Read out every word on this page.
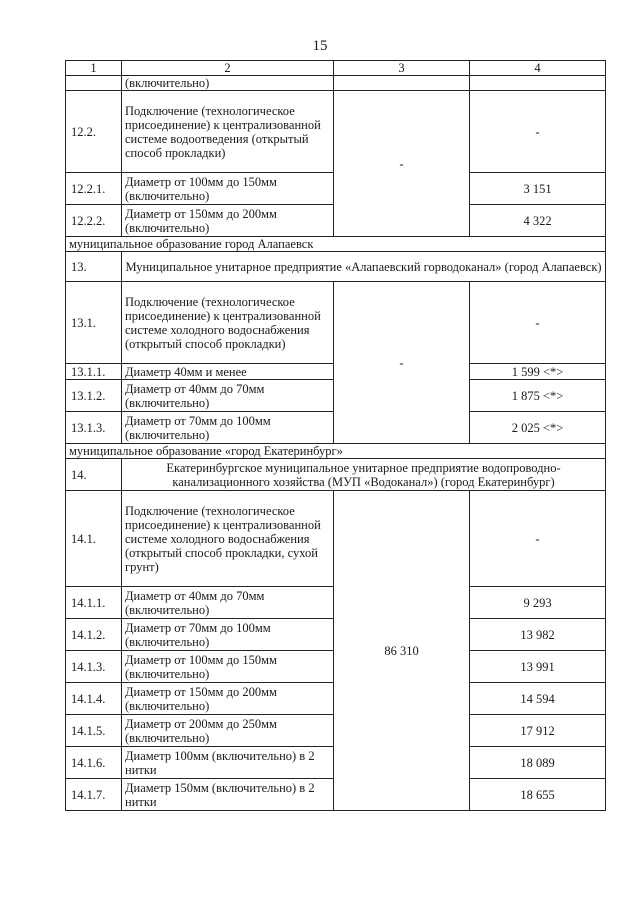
15
1	2	3	4
	(включительно)		
12.2.	Подключение (технологическое присоединение) к централизованной системе водоотведения (открытый способ прокладки)	-	-
12.2.1.	Диаметр от 100мм до 150мм (включительно)		3 151
12.2.2.	Диаметр от 150мм до 200мм (включительно)		4 322
муниципальное образование город Алапаевск			
13.	Муниципальное унитарное предприятие «Алапаевский горводоканал» (город Алапаевск)		
13.1.	Подключение (технологическое присоединение) к централизованной системе холодного водоснабжения (открытый способ прокладки)	-	-
13.1.1.	Диаметр 40мм и менее		1 599 <*>
13.1.2.	Диаметр от 40мм до 70мм (включительно)		1 875 <*>
13.1.3.	Диаметр от 70мм до 100мм (включительно)		2 025 <*>
муниципальное образование «город Екатеринбург»			
14.	Екатеринбургское муниципальное унитарное предприятие водопроводно-канализационного хозяйства (МУП «Водоканал») (город Екатеринбург)		
14.1.	Подключение (технологическое присоединение) к централизованной системе холодного водоснабжения (открытый способ прокладки, сухой грунт)	86 310	-
14.1.1.	Диаметр от 40мм до 70мм (включительно)		9 293
14.1.2.	Диаметр от 70мм до 100мм (включительно)		13 982
14.1.3.	Диаметр от 100мм до 150мм (включительно)		13 991
14.1.4.	Диаметр от 150мм до 200мм (включительно)		14 594
14.1.5.	Диаметр от 200мм до 250мм (включительно)		17 912
14.1.6.	Диаметр 100мм (включительно) в 2 нитки		18 089
14.1.7.	Диаметр 150мм (включительно) в 2 нитки		18 655
